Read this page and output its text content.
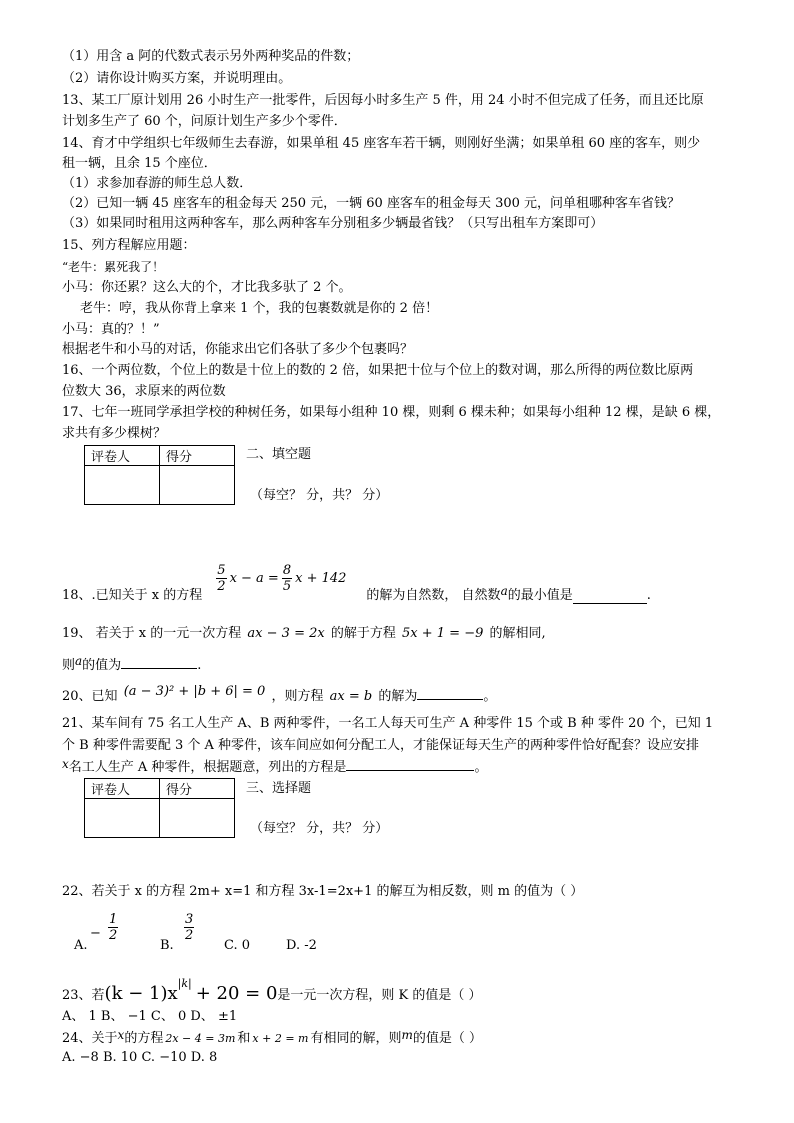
（1）用含 a 阿的代数式表示另外两种奖品的件数；
（2）请你设计购买方案，并说明理由。
13、某工厂原计划用 26 小时生产一批零件，后因每小时多生产 5 件，用 24 小时不但完成了任务，而且还比原
计划多生产了 60 个，问原计划生产多少个零件．
14、育才中学组织七年级师生去春游，如果单租 45 座客车若干辆，则刚好坐满；如果单租 60 座的客车，则少
租一辆，且余 15 个座位．
（1）求参加春游的师生总人数．
（2）已知一辆 45 座客车的租金每天 250 元，一辆 60 座客车的租金每天 300 元，问单租哪种客车省钱？
（3）如果同时租用这两种客车，那么两种客车分别租多少辆最省钱？（只写出租车方案即可）
15、列方程解应用题：
“老牛：累死我了！
小马：你还累？这么大的个，才比我多驮了 2 个。
老牛：哼，我从你背上拿来 1 个，我的包裹数就是你的 2 倍！
小马：真的？！”
根据老牛和小马的对话，你能求出它们各驮了多少个包裹吗？
16、一个两位数，个位上的数是十位上的数的 2 倍，如果把十位与个位上的数对调，那么所得的两位数比原两
位数大 36，求原来的两位数
17、七年一班同学承担学校的种树任务，如果每小组种 10 棵，则剩 6 棵未种；如果每小组种 12 棵，是缺 6 棵，
求共有多少棵树？
评卷人	得分
		二、填空题
（每空？ 分，共？ 分）
18、.已知关于 x 的方程
$\frac{5}{2}$ $x - a = \frac{8}{5}$ x + 142
的解为自然数， 自然数 a 的最小值是	.
19、 若关于 x 的一元一次方程 ax − 3 = 2x 的解于方程 5x + 1 = −9 的解相同,
则a的值为	.
20、已知 (a − 3)² + |b + 6| = 0 ，则方程 ax = b 的解为	。
21、某车间有 75 名工人生产 A、B 两种零件，一名工人每天可生产 A 种零件 15 个或 B 种 零件 20 个，已知 1
个 B 种零件需要配 3 个 A 种零件，该车间应如何分配工人，才能保证每天生产的两种零件恰好配套？设应安排
x名工人生产 A 种零件，根据题意，列出的方程是	。
评卷人	得分
		三、选择题
（每空？ 分，共？ 分）
22、若关于 x 的方程 2m+ x=1 和方程 3x-1=2x+1 的解互为相反数，则 m 的值为（ ）
A.
− $\frac{1}{2}$
B.
$\frac{3}{2}$
C. 0	D. -2
23、若 (k − 1)x |k| + 20 = 0 是一元一次方程，则 K 的值是（ ）
A、 1 B、 −1 C、 0 D、 ±1
24、关于x的方程 2x − 4 = 3m 和 x + 2 = m 有相同的解，则m的值是（ ）
A. −8 B. 10 C. −10 D. 8
